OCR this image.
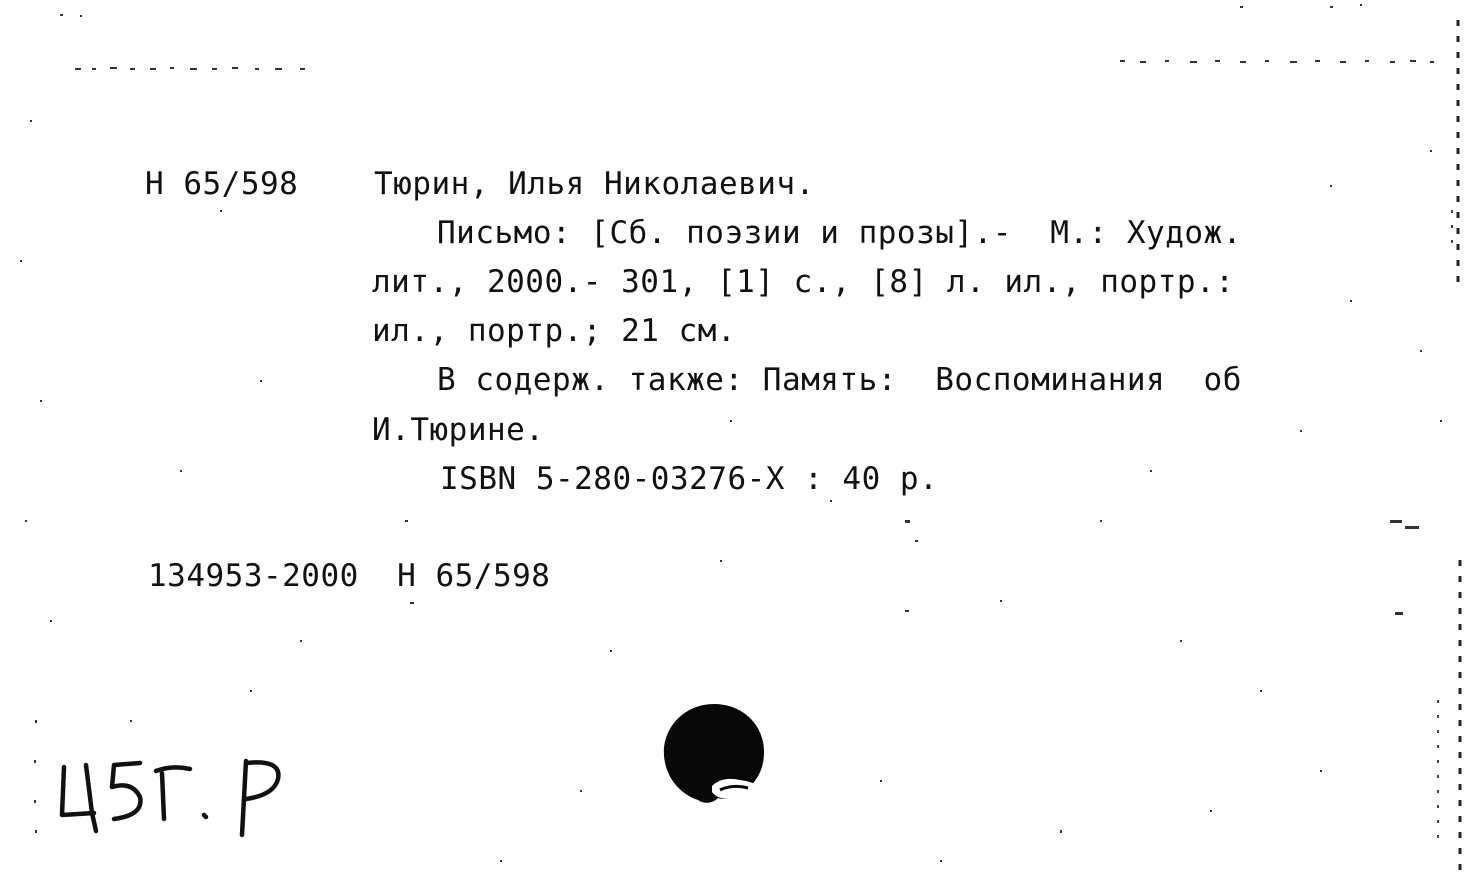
Н 65/598 Тюрин, Илья Николаевич.
Письмо: [Сб. поэзии и прозы].-  М.: Худож.
лит., 2000.- 301, [1] с., [8] л. ил., портр.:
ил., портр.; 21 см.
В содерж. также: Память:  Воспоминания  об
И.Тюрине.
ISBN 5-280-03276-X : 40 р.
134953-2000  Н 65/598
